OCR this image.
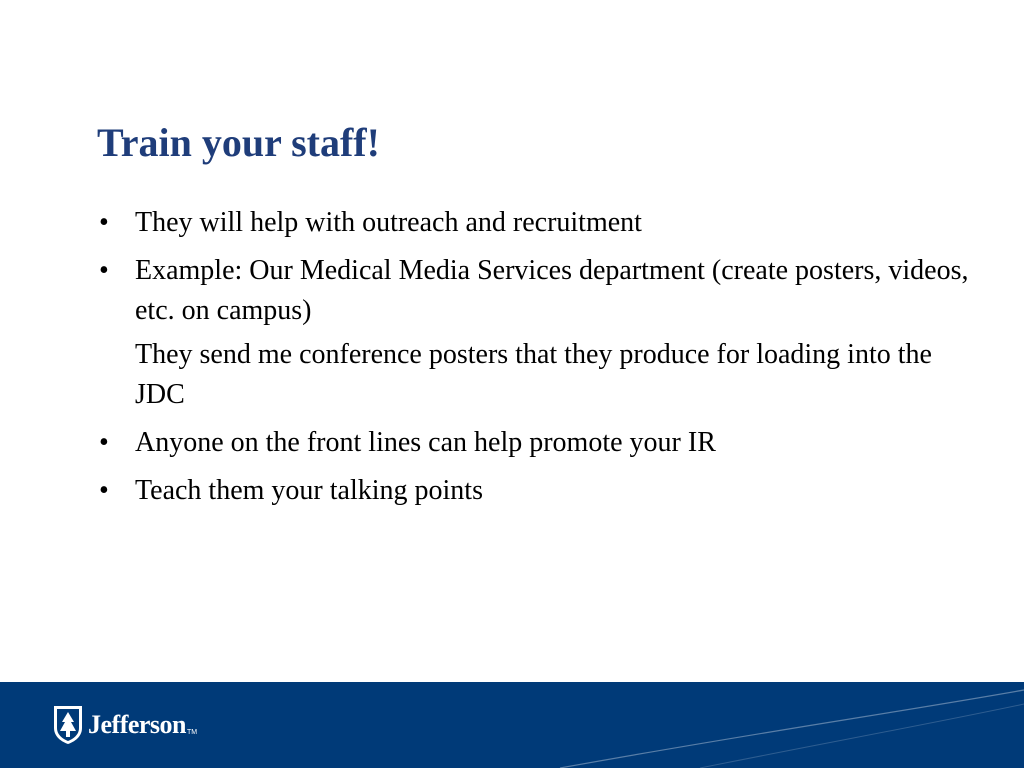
Train your staff!
• They will help with outreach and recruitment
• Example: Our Medical Media Services department (create posters, videos, etc. on campus)
They send me conference posters that they produce for loading into the JDC
• Anyone on the front lines can help promote your IR
• Teach them your talking points
Jefferson TM
